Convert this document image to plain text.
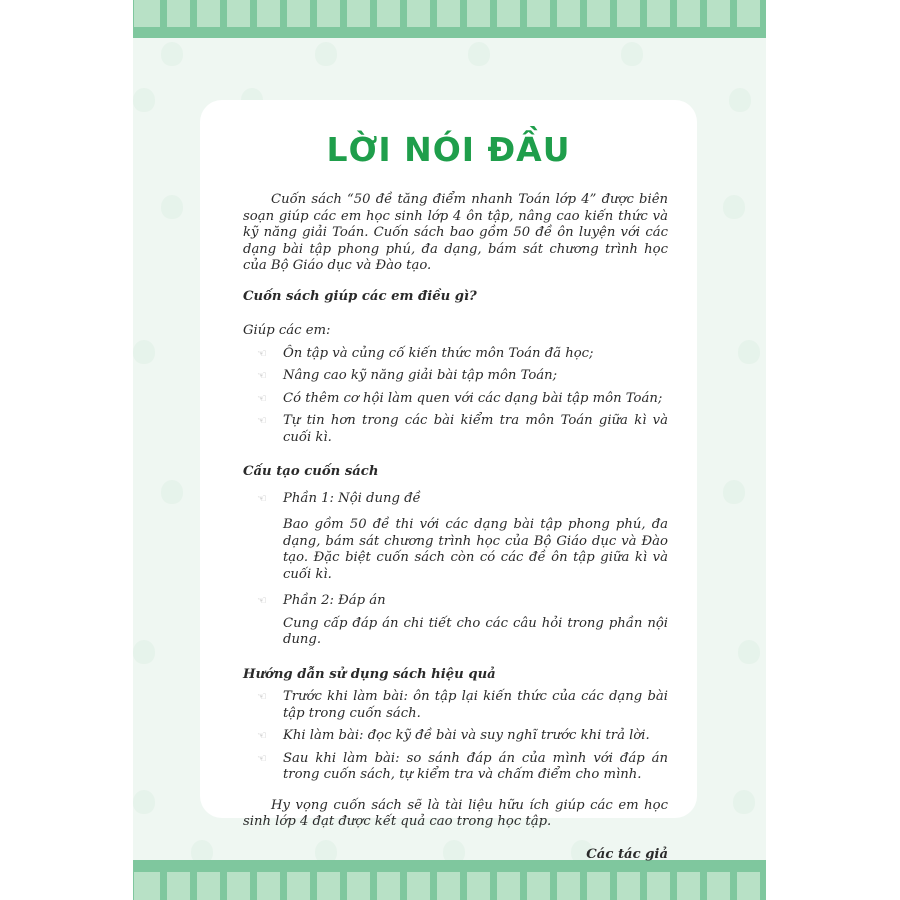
LỜI NÓI ĐẦU

Cuốn sách “50 đề tăng điểm nhanh Toán lớp 4” được biên soạn giúp các em học sinh lớp 4 ôn tập, nâng cao kiến thức và kỹ năng giải Toán. Cuốn sách bao gồm 50 đề ôn luyện với các dạng bài tập phong phú, đa dạng, bám sát chương trình học của Bộ Giáo dục và Đào tạo.

Cuốn sách giúp các em điều gì?

Giúp các em:

☜	Ôn tập và củng cố kiến thức môn Toán đã học;
☜	Nâng cao kỹ năng giải bài tập môn Toán;
☜	Có thêm cơ hội làm quen với các dạng bài tập môn Toán;
☜	Tự tin hơn trong các bài kiểm tra môn Toán giữa kì và cuối kì.

Cấu tạo cuốn sách

☜	Phần 1: Nội dung đề

Bao gồm 50 đề thi với các dạng bài tập phong phú, đa dạng, bám sát chương trình học của Bộ Giáo dục và Đào tạo. Đặc biệt cuốn sách còn có các đề ôn tập giữa kì và cuối kì.

☜	Phần 2: Đáp án

Cung cấp đáp án chi tiết cho các câu hỏi trong phần nội dung.

Hướng dẫn sử dụng sách hiệu quả

☜	Trước khi làm bài: ôn tập lại kiến thức của các dạng bài tập trong cuốn sách.
☜	Khi làm bài: đọc kỹ đề bài và suy nghĩ trước khi trả lời.
☜	Sau khi làm bài: so sánh đáp án của mình với đáp án trong cuốn sách, tự kiểm tra và chấm điểm cho mình.

Hy vọng cuốn sách sẽ là tài liệu hữu ích giúp các em học sinh lớp 4 đạt được kết quả cao trong học tập.

Các tác giả
